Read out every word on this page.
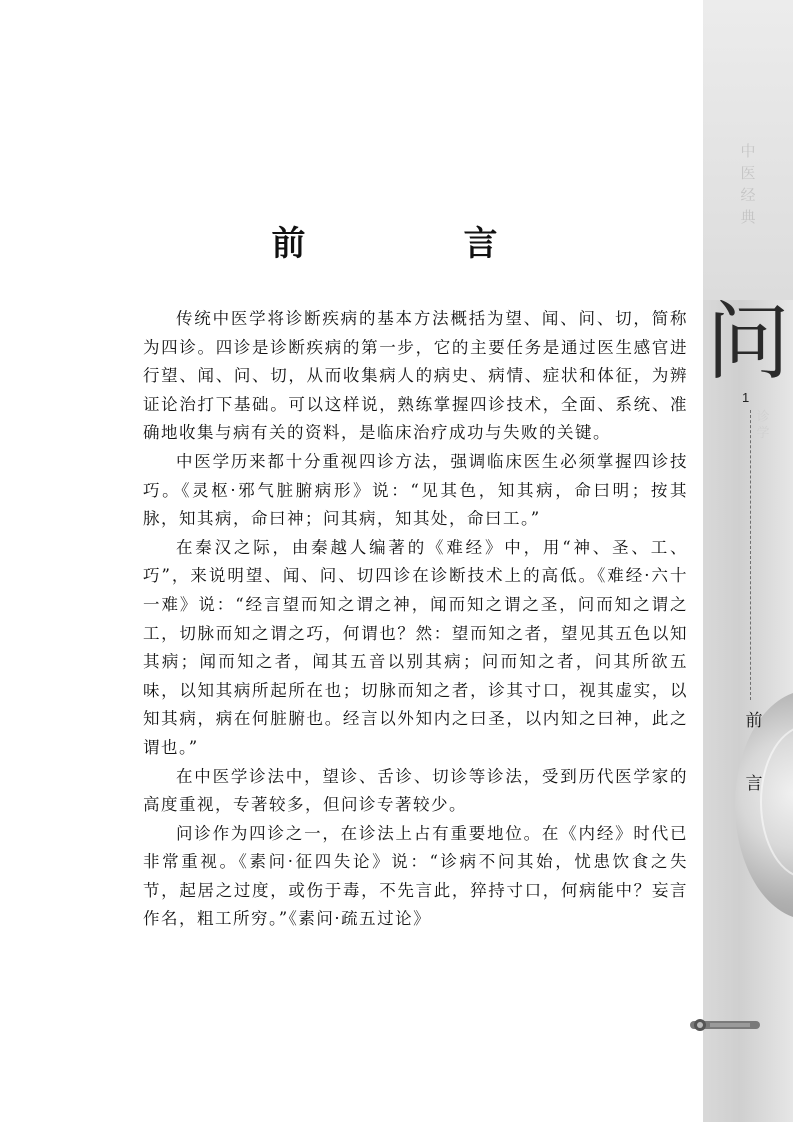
中医经典
问
1
诊学
前
言
前　言

传统中医学将诊断疾病的基本方法概括为望、闻、问、切，简称为四诊。四诊是诊断疾病的第一步，它的主要任务是通过医生感官进行望、闻、问、切，从而收集病人的病史、病情、症状和体征，为辨证论治打下基础。可以这样说，熟练掌握四诊技术，全面、系统、准确地收集与病有关的资料，是临床治疗成功与失败的关键。

中医学历来都十分重视四诊方法，强调临床医生必须掌握四诊技巧。《灵枢·邪气脏腑病形》说：“见其色，知其病，命曰明；按其脉，知其病，命曰神；问其病，知其处，命曰工。”

在秦汉之际，由秦越人编著的《难经》中，用“神、圣、工、巧”，来说明望、闻、问、切四诊在诊断技术上的高低。《难经·六十一难》说：“经言望而知之谓之神，闻而知之谓之圣，问而知之谓之工，切脉而知之谓之巧，何谓也？然：望而知之者，望见其五色以知其病；闻而知之者，闻其五音以别其病；问而知之者，问其所欲五味，以知其病所起所在也；切脉而知之者，诊其寸口，视其虚实，以知其病，病在何脏腑也。经言以外知内之曰圣，以内知之曰神，此之谓也。”

在中医学诊法中，望诊、舌诊、切诊等诊法，受到历代医学家的高度重视，专著较多，但问诊专著较少。

问诊作为四诊之一，在诊法上占有重要地位。在《内经》时代已非常重视。《素问·征四失论》说：“诊病不问其始，忧患饮食之失节，起居之过度，或伤于毒，不先言此，猝持寸口，何病能中？妄言作名，粗工所穷。”《素问·疏五过论》
